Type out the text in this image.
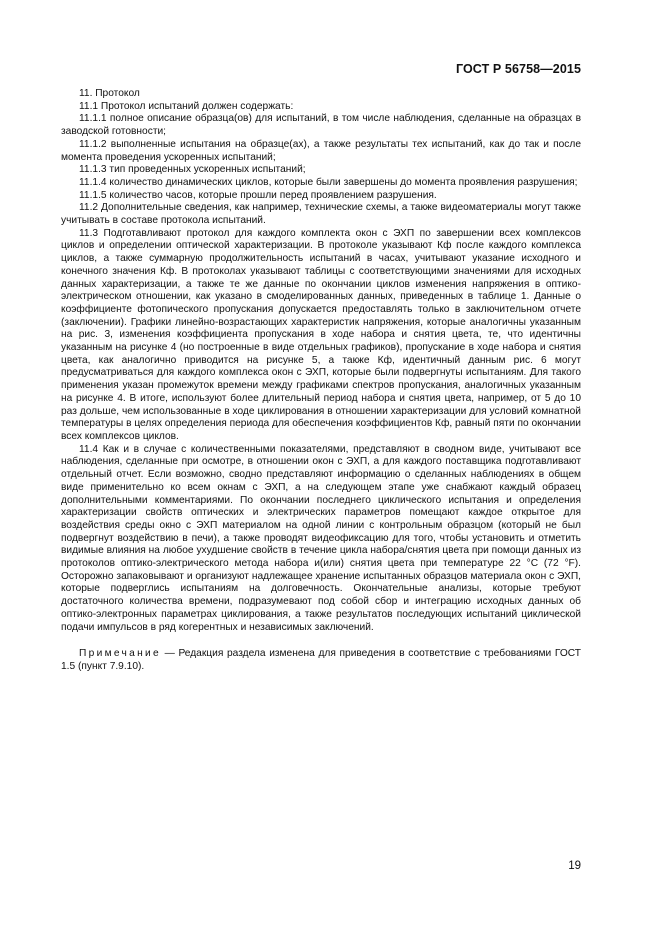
ГОСТ Р 56758—2015

11. Протокол

11.1 Протокол испытаний должен содержать:

11.1.1 полное описание образца(ов) для испытаний, в том числе наблюдения, сделанные на образцах в заводской готовности;

11.1.2 выполненные испытания на образце(ах), а также результаты тех испытаний, как до так и после момента проведения ускоренных испытаний;

11.1.3 тип проведенных ускоренных испытаний;

11.1.4 количество динамических циклов, которые были завершены до момента проявления разрушения;

11.1.5 количество часов, которые прошли перед проявлением разрушения.

11.2 Дополнительные сведения, как например, технические схемы, а также видеоматериалы могут также учитывать в составе протокола испытаний.

11.3 Подготавливают протокол для каждого комплекта окон с ЭХП по завершении всех комплексов циклов и определении оптической характеризации. В протоколе указывают Кф после каждого комплекса циклов, а также суммарную продолжительность испытаний в часах, учитывают указание исходного и конечного значения Кф. В протоколах указывают таблицы с соответствующими значениями для исходных данных характеризации, а также те же данные по окончании циклов изменения напряжения в оптико-электрическом отношении, как указано в смоделированных данных, приведенных в таблице 1. Данные о коэффициенте фотопического пропускания допускается предоставлять только в заключительном отчете (заключении). Графики линейно-возрастающих характеристик напряжения, которые аналогичны указанным на рис. 3, изменения коэффициента пропускания в ходе набора и снятия цвета, те, что идентичны указанным на рисунке 4 (но построенные в виде отдельных графиков), пропускание в ходе набора и снятия цвета, как аналогично приводится на рисунке 5, а также Кф, идентичный данным рис. 6 могут предусматриваться для каждого комплекса окон с ЭХП, которые были подвергнуты испытаниям. Для такого применения указан промежуток времени между графиками спектров пропускания, аналогичных указанным на рисунке 4. В итоге, используют более длительный период набора и снятия цвета, например, от 5 до 10 раз дольше, чем использованные в ходе циклирования в отношении характеризации для условий комнатной температуры в целях определения периода для обеспечения коэффициентов Кф, равный пяти по окончании всех комплексов циклов.

11.4 Как и в случае с количественными показателями, представляют в сводном виде, учитывают все наблюдения, сделанные при осмотре, в отношении окон с ЭХП, а для каждого поставщика подготавливают отдельный отчет. Если возможно, сводно представляют информацию о сделанных наблюдениях в общем виде применительно ко всем окнам с ЭХП, а на следующем этапе уже снабжают каждый образец дополнительными комментариями. По окончании последнего циклического испытания и определения характеризации свойств оптических и электрических параметров помещают каждое открытое для воздействия среды окно с ЭХП материалом на одной линии с контрольным образцом (который не был подвергнут воздействию в печи), а также проводят видеофиксацию для того, чтобы установить и отметить видимые влияния на любое ухудшение свойств в течение цикла набора/снятия цвета при помощи данных из протоколов оптико-электрического метода набора и(или) снятия цвета при температуре 22 °С (72 °F). Осторожно запаковывают и организуют надлежащее хранение испытанных образцов материала окон с ЭХП, которые подверглись испытаниям на долговечность. Окончательные анализы, которые требуют достаточного количества времени, подразумевают под собой сбор и интеграцию исходных данных об оптико-электронных параметрах циклирования, а также результатов последующих испытаний циклической подачи импульсов в ряд когерентных и независимых заключений.

Примечание — Редакция раздела изменена для приведения в соответствие с требованиями ГОСТ 1.5 (пункт 7.9.10).

19
